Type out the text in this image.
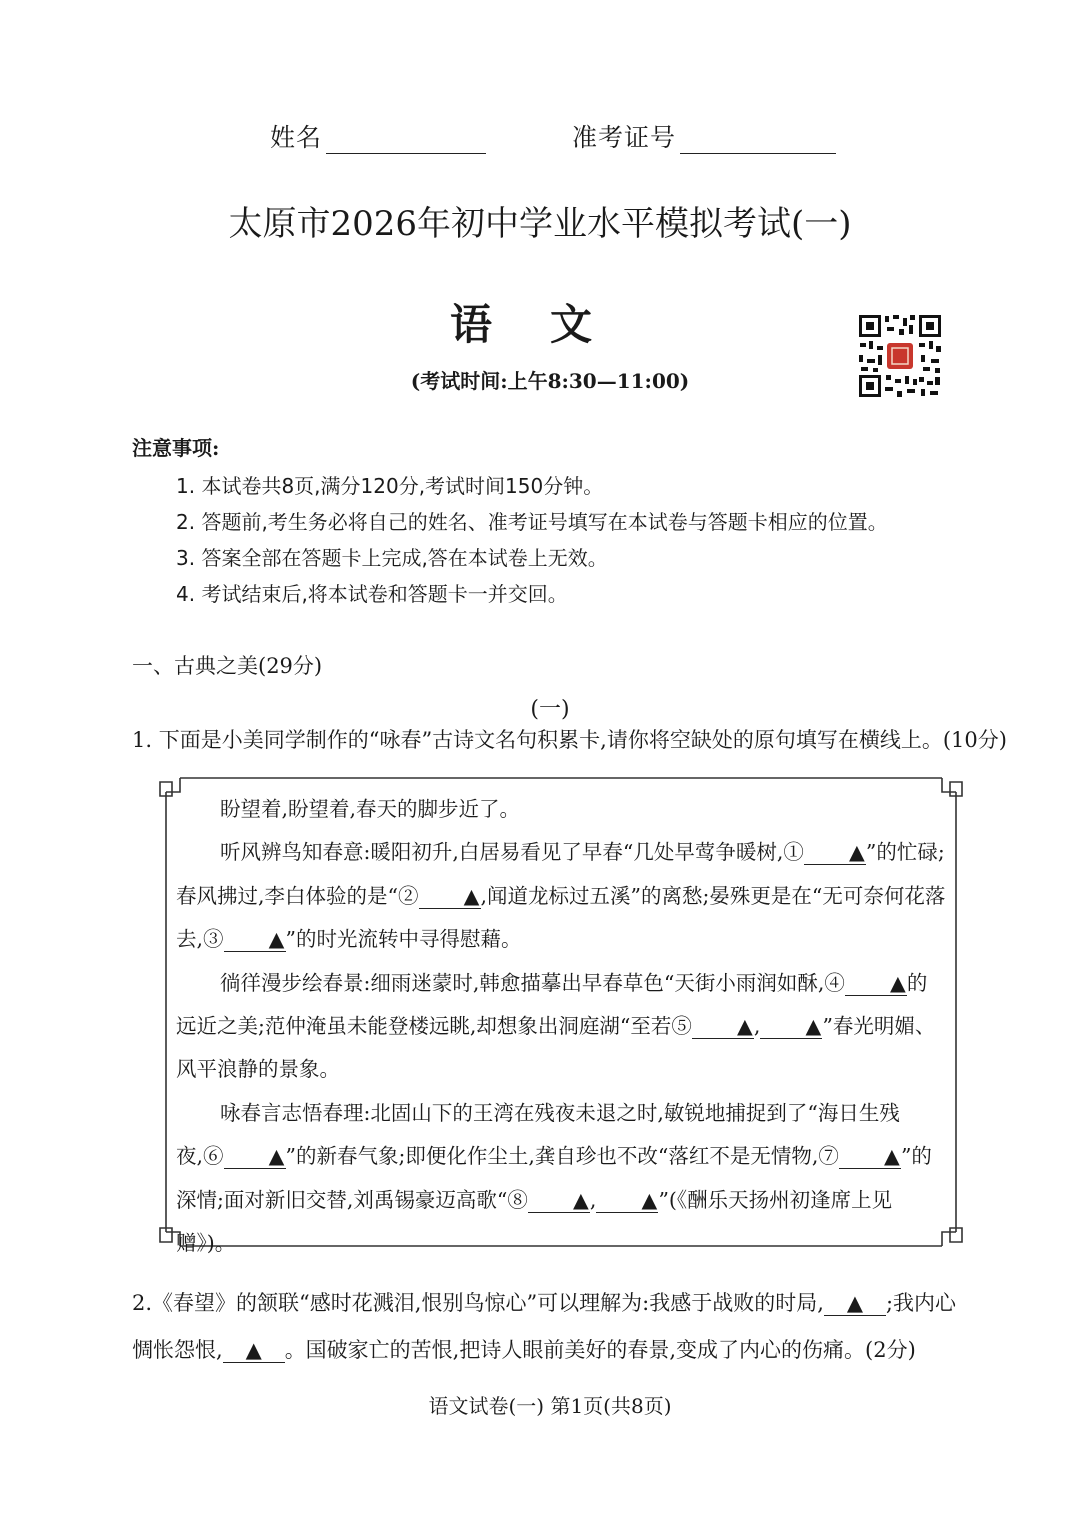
姓名	准考证号
太原市2026年初中学业水平模拟考试(一)
语文
(考试时间:上午8:30—11:00)
注意事项:
1. 本试卷共8页,满分120分,考试时间150分钟。
2. 答题前,考生务必将自己的姓名、准考证号填写在本试卷与答题卡相应的位置。
3. 答案全部在答题卡上完成,答在本试卷上无效。
4. 考试结束后,将本试卷和答题卡一并交回。
一、古典之美(29分)
(一)
1. 下面是小美同学制作的“咏春”古诗文名句积累卡,请你将空缺处的原句填写在横线上。(10分)

盼望着,盼望着,春天的脚步近了。

听风辨鸟知春意:暖阳初升,白居易看见了早春“几处早莺争暖树,① ▲”的忙碌;春风拂过,李白体验的是“② ▲,闻道龙标过五溪”的离愁;晏殊更是在“无可奈何花落去,③ ▲”的时光流转中寻得慰藉。

徜徉漫步绘春景:细雨迷蒙时,韩愈描摹出早春草色“天街小雨润如酥,④ ▲的远近之美;范仲淹虽未能登楼远眺,却想象出洞庭湖“至若⑤ ▲, ▲”春光明媚、风平浪静的景象。

咏春言志悟春理:北固山下的王湾在残夜未退之时,敏锐地捕捉到了“海日生残夜,⑥ ▲”的新春气象;即便化作尘土,龚自珍也不改“落红不是无情物,⑦ ▲”的深情;面对新旧交替,刘禹锡豪迈高歌“⑧ ▲, ▲”(《酬乐天扬州初逢席上见赠》)。

2.《春望》的颔联“感时花溅泪,恨别鸟惊心”可以理解为:我感于战败的时局, ▲ ;我内心惆怅怨恨, ▲ 。国破家亡的苦恨,把诗人眼前美好的春景,变成了内心的伤痛。(2分)

语文试卷(一) 第1页(共8页)
